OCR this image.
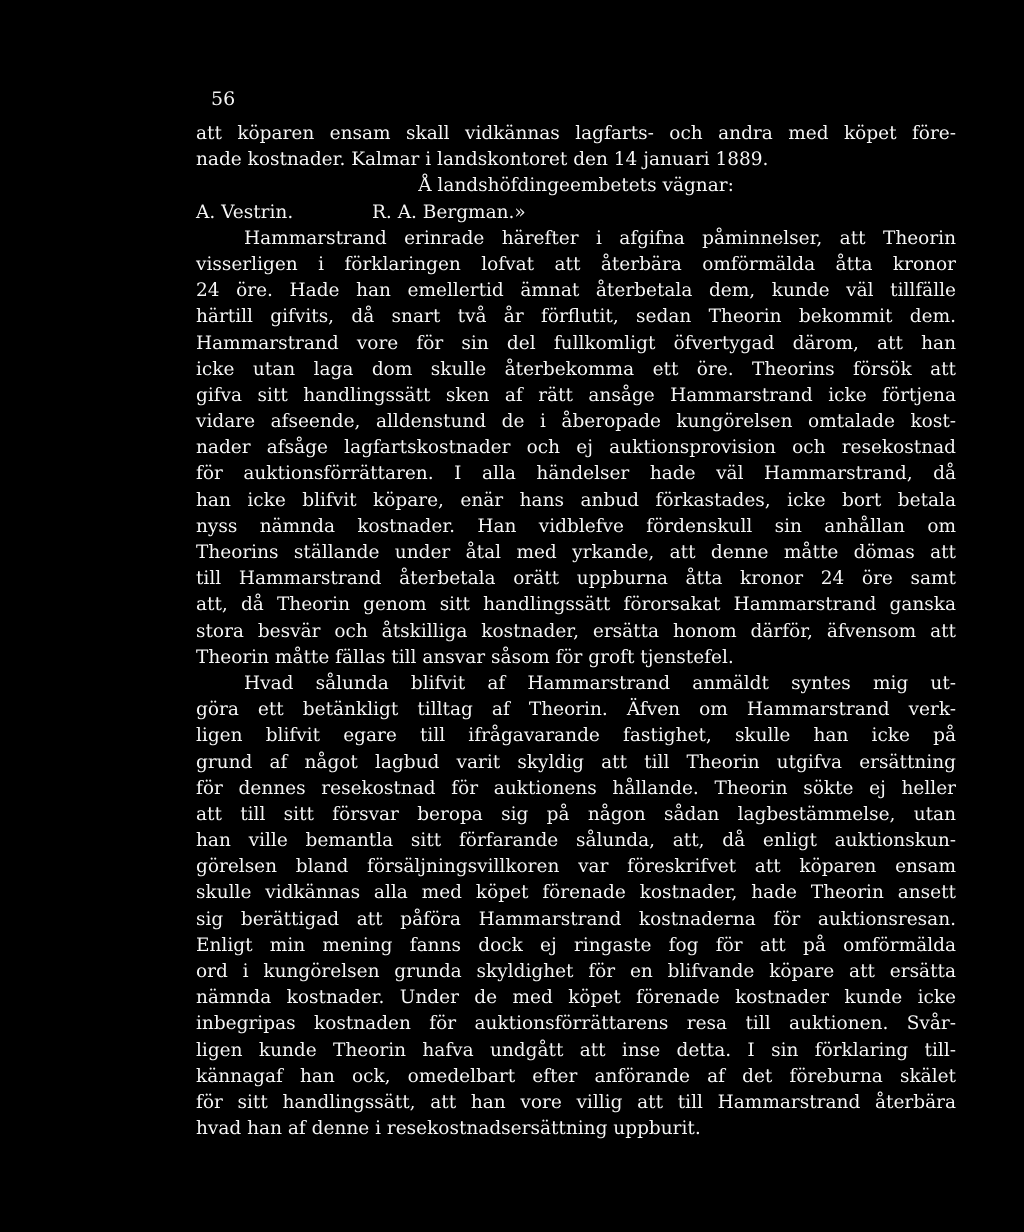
56
att köparen ensam skall vidkännas lagfarts- och andra med köpet före-
nade kostnader. Kalmar i landskontoret den 14 januari 1889.
Å landshöfdingeembetets vägnar:
A. Vestrin.	R. A. Bergman.»
Hammarstrand erinrade härefter i afgifna påminnelser, att Theorin
visserligen i förklaringen lofvat att återbära omförmälda åtta kronor
24 öre. Hade han emellertid ämnat återbetala dem, kunde väl tillfälle
härtill gifvits, då snart två år förflutit, sedan Theorin bekommit dem.
Hammarstrand vore för sin del fullkomligt öfvertygad därom, att han
icke utan laga dom skulle återbekomma ett öre. Theorins försök att
gifva sitt handlingssätt sken af rätt ansåge Hammarstrand icke förtjena
vidare afseende, alldenstund de i åberopade kungörelsen omtalade kost-
nader afsåge lagfartskostnader och ej auktionsprovision och resekostnad
för auktionsförrättaren. I alla händelser hade väl Hammarstrand, då
han icke blifvit köpare, enär hans anbud förkastades, icke bort betala
nyss nämnda kostnader. Han vidblefve fördenskull sin anhållan om
Theorins ställande under åtal med yrkande, att denne måtte dömas att
till Hammarstrand återbetala orätt uppburna åtta kronor 24 öre samt
att, då Theorin genom sitt handlingssätt förorsakat Hammarstrand ganska
stora besvär och åtskilliga kostnader, ersätta honom därför, äfvensom att
Theorin måtte fällas till ansvar såsom för groft tjenstefel.
Hvad sålunda blifvit af Hammarstrand anmäldt syntes mig ut-
göra ett betänkligt tilltag af Theorin. Äfven om Hammarstrand verk-
ligen blifvit egare till ifrågavarande fastighet, skulle han icke på
grund af något lagbud varit skyldig att till Theorin utgifva ersättning
för dennes resekostnad för auktionens hållande. Theorin sökte ej heller
att till sitt försvar beropa sig på någon sådan lagbestämmelse, utan
han ville bemantla sitt förfarande sålunda, att, då enligt auktionskun-
görelsen bland försäljningsvillkoren var föreskrifvet att köparen ensam
skulle vidkännas alla med köpet förenade kostnader, hade Theorin ansett
sig berättigad att påföra Hammarstrand kostnaderna för auktionsresan.
Enligt min mening fanns dock ej ringaste fog för att på omförmälda
ord i kungörelsen grunda skyldighet för en blifvande köpare att ersätta
nämnda kostnader. Under de med köpet förenade kostnader kunde icke
inbegripas kostnaden för auktionsförrättarens resa till auktionen. Svår-
ligen kunde Theorin hafva undgått att inse detta. I sin förklaring till-
kännagaf han ock, omedelbart efter anförande af det föreburna skälet
för sitt handlingssätt, att han vore villig att till Hammarstrand återbära
hvad han af denne i resekostnadsersättning uppburit.
